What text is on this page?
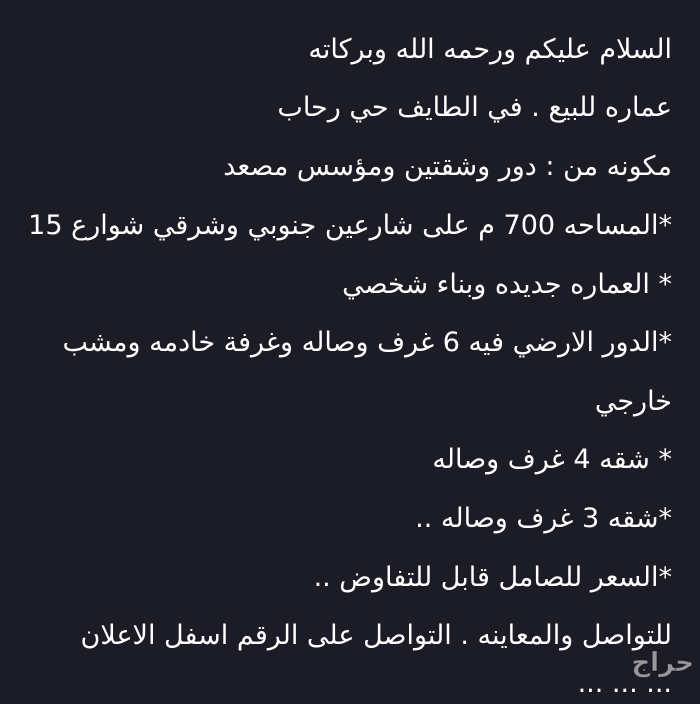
السلام عليكم ورحمه الله وبركاته
عماره للبيع . في الطايف حي رحاب
مكونه من : دور وشقتين ومؤسس مصعد
*المساحه 700 م على شارعين جنوبي وشرقي شوارع 15
* العماره جديده وبناء شخصي
*الدور الارضي فيه 6 غرف وصاله وغرفة خادمه ومشب
خارجي
* شقه 4 غرف وصاله
*شقه 3 غرف وصاله ..
*السعر للصامل قابل للتفاوض ..
للتواصل والمعاينه . التواصل على الرقم اسفل الاعلان
... ... ...
حراج
